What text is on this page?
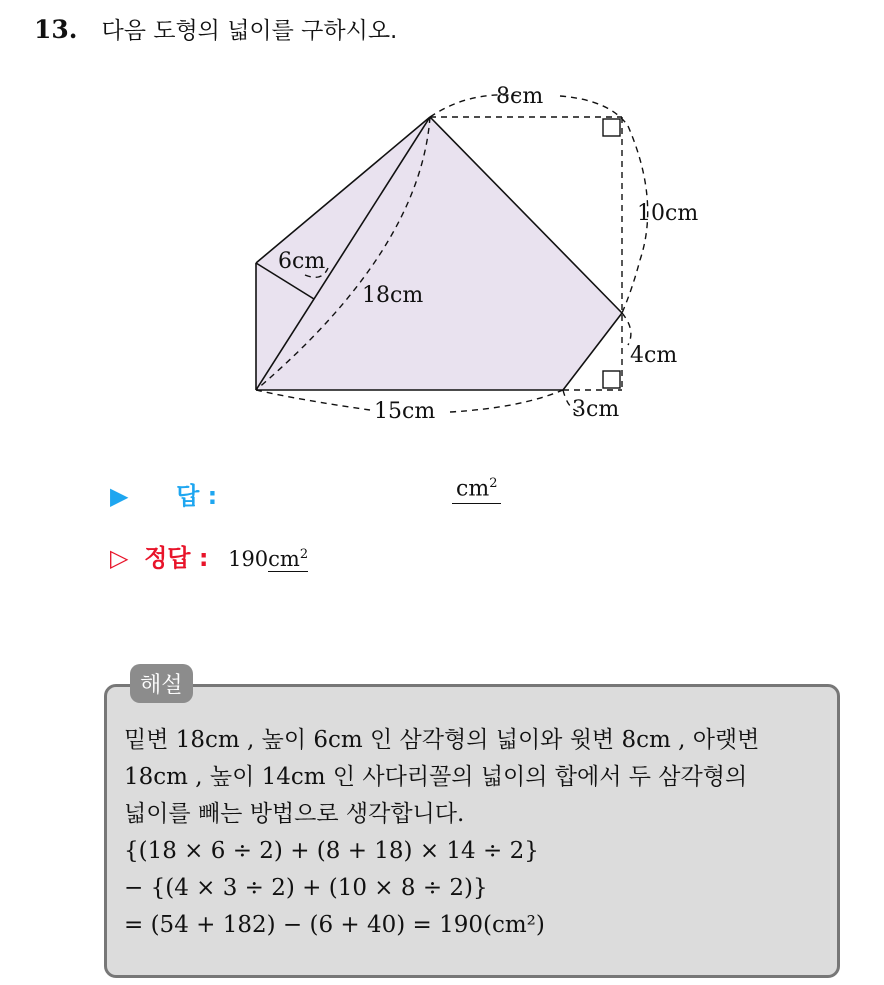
13. 다음 도형의 넓이를 구하시오.
8cm
10cm
6cm
18cm
4cm
15cm	3cm
▶ 답 :	$cm^2$
▷ 정답 : $190cm^2$
해설
밑변 18cm , 높이 6cm 인 삼각형의 넓이와 윗변 8cm , 아랫변
18cm , 높이 14cm 인 사다리꼴의 넓이의 합에서 두 삼각형의
넓이를 빼는 방법으로 생각합니다.
{(18 × 6 ÷ 2) + (8 + 18) × 14 ÷ 2}
− {(4 × 3 ÷ 2) + (10 × 8 ÷ 2)}
= (54 + 182) − (6 + 40) = 190(cm²)
